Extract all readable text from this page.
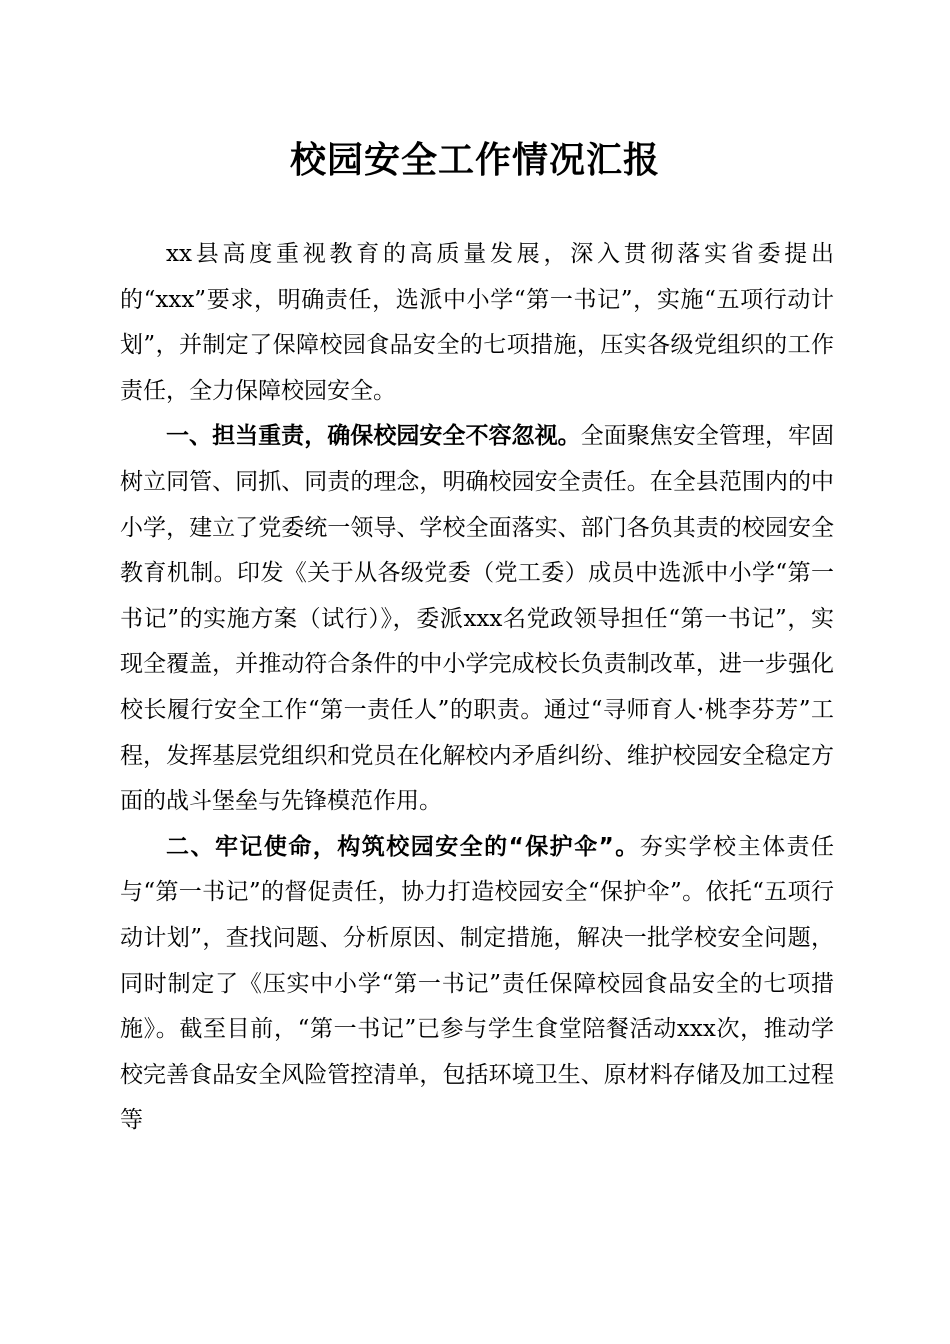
校园安全工作情况汇报

xx县高度重视教育的高质量发展，深入贯彻落实省委提出的“xxx”要求，明确责任，选派中小学“第一书记”，实施“五项行动计划”，并制定了保障校园食品安全的七项措施，压实各级党组织的工作责任，全力保障校园安全。

一、担当重责，确保校园安全不容忽视。全面聚焦安全管理，牢固树立同管、同抓、同责的理念，明确校园安全责任。在全县范围内的中小学，建立了党委统一领导、学校全面落实、部门各负其责的校园安全教育机制。印发《关于从各级党委（党工委）成员中选派中小学“第一书记”的实施方案（试行）》，委派xxx名党政领导担任“第一书记”，实现全覆盖，并推动符合条件的中小学完成校长负责制改革，进一步强化校长履行安全工作“第一责任人”的职责。通过“寻师育人·桃李芬芳”工程，发挥基层党组织和党员在化解校内矛盾纠纷、维护校园安全稳定方面的战斗堡垒与先锋模范作用。

二、牢记使命，构筑校园安全的“保护伞”。夯实学校主体责任与“第一书记”的督促责任，协力打造校园安全“保护伞”。依托“五项行动计划”，查找问题、分析原因、制定措施，解决一批学校安全问题，同时制定了《压实中小学“第一书记”责任保障校园食品安全的七项措施》。截至目前，“第一书记”已参与学生食堂陪餐活动xxx次，推动学校完善食品安全风险管控清单，包括环境卫生、原材料存储及加工过程等
